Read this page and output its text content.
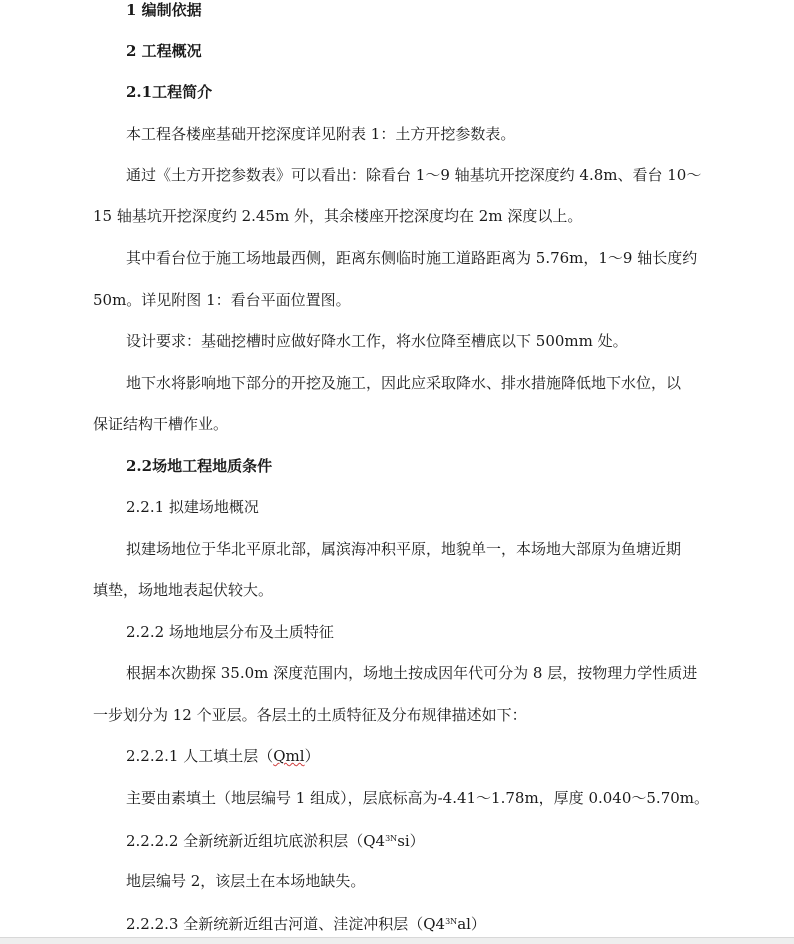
1 编制依据
2 工程概况
2.1工程简介
本工程各楼座基础开挖深度详见附表 1：土方开挖参数表。
通过《土方开挖参数表》可以看出：除看台 1～9 轴基坑开挖深度约 4.8m、看台 10～
15 轴基坑开挖深度约 2.45m 外，其余楼座开挖深度均在 2m 深度以上。
其中看台位于施工场地最西侧，距离东侧临时施工道路距离为 5.76m，1～9 轴长度约
50m。详见附图 1：看台平面位置图。
设计要求：基础挖槽时应做好降水工作，将水位降至槽底以下 500mm 处。
地下水将影响地下部分的开挖及施工，因此应采取降水、排水措施降低地下水位，以
保证结构干槽作业。
2.2场地工程地质条件
2.2.1 拟建场地概况
拟建场地位于华北平原北部，属滨海冲积平原，地貌单一，本场地大部原为鱼塘近期
填垫，场地地表起伏较大。
2.2.2 场地地层分布及土质特征
根据本次勘探 35.0m 深度范围内，场地土按成因年代可分为 8 层，按物理力学性质进
一步划分为 12 个亚层。各层土的土质特征及分布规律描述如下：
2.2.2.1 人工填土层（Qml）
主要由素填土（地层编号 1 组成），层底标高为-4.41～1.78m，厚度 0.040～5.70m。
2.2.2.2 全新统新近组坑底淤积层$(Q4^{3N}si)$
地层编号 2，该层土在本场地缺失。
2.2.2.3 全新统新近组古河道、洼淀冲积层$(Q4^{3N}al)$
